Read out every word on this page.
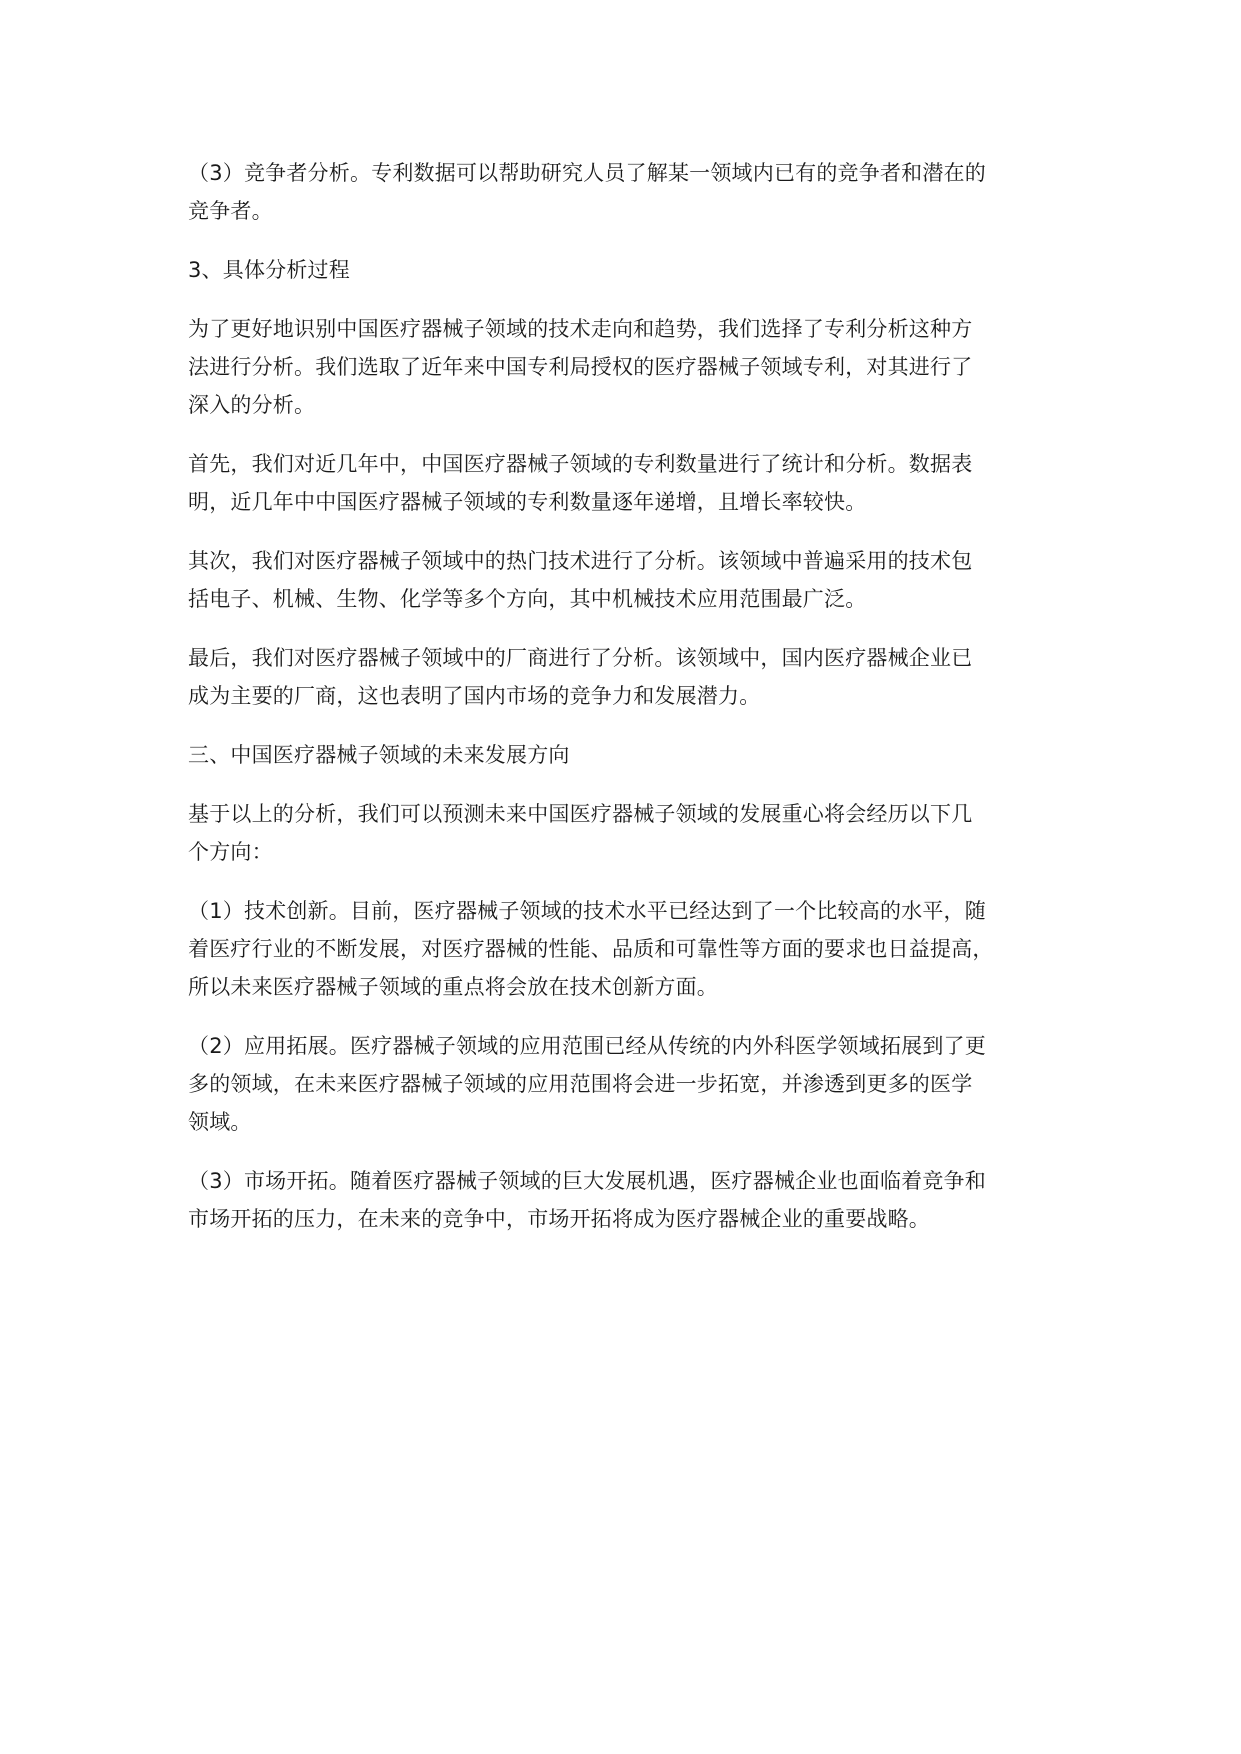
（3）竞争者分析。专利数据可以帮助研究人员了解某一领域内已有的竞争者和潜在的
竞争者。

3、具体分析过程

为了更好地识别中国医疗器械子领域的技术走向和趋势，我们选择了专利分析这种方
法进行分析。我们选取了近年来中国专利局授权的医疗器械子领域专利，对其进行了
深入的分析。

首先，我们对近几年中，中国医疗器械子领域的专利数量进行了统计和分析。数据表
明，近几年中中国医疗器械子领域的专利数量逐年递增，且增长率较快。

其次，我们对医疗器械子领域中的热门技术进行了分析。该领域中普遍采用的技术包
括电子、机械、生物、化学等多个方向，其中机械技术应用范围最广泛。

最后，我们对医疗器械子领域中的厂商进行了分析。该领域中，国内医疗器械企业已
成为主要的厂商，这也表明了国内市场的竞争力和发展潜力。

三、中国医疗器械子领域的未来发展方向

基于以上的分析，我们可以预测未来中国医疗器械子领域的发展重心将会经历以下几
个方向：

（1）技术创新。目前，医疗器械子领域的技术水平已经达到了一个比较高的水平，随
着医疗行业的不断发展，对医疗器械的性能、品质和可靠性等方面的要求也日益提高，
所以未来医疗器械子领域的重点将会放在技术创新方面。

（2）应用拓展。医疗器械子领域的应用范围已经从传统的内外科医学领域拓展到了更
多的领域，在未来医疗器械子领域的应用范围将会进一步拓宽，并渗透到更多的医学
领域。

（3）市场开拓。随着医疗器械子领域的巨大发展机遇，医疗器械企业也面临着竞争和
市场开拓的压力，在未来的竞争中，市场开拓将成为医疗器械企业的重要战略。
